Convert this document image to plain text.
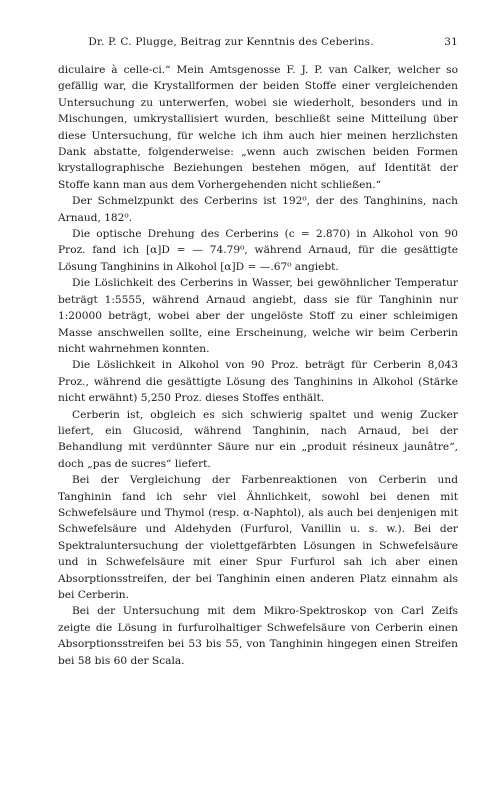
Dr. P. C. Plugge, Beitrag zur Kenntnis des Ceberins.	31

diculaire à celle-ci.“ Mein Amtsgenosse F. J. P. van Calker, welcher so gefällig war, die Krystallformen der beiden Stoffe einer vergleichenden Untersuchung zu unterwerfen, wobei sie wiederholt, besonders und in Mischungen, umkrystallisiert wurden, beschließt seine Mitteilung über diese Untersuchung, für welche ich ihm auch hier meinen herzlichsten Dank abstatte, folgenderweise: „wenn auch zwischen beiden Formen krystallographische Beziehungen bestehen mögen, auf Identität der Stoffe kann man aus dem Vorhergehenden nicht schließen.“

Der Schmelzpunkt des Cerberins ist 192⁰, der des Tanghinins, nach Arnaud, 182⁰.

Die optische Drehung des Cerberins (c = 2.870) in Alkohol von 90 Proz. fand ich [α]D = — 74.79⁰, während Arnaud, für die gesättigte Lösung Tanghinins in Alkohol [α]D = —.67⁰ angiebt.

Die Löslichkeit des Cerberins in Wasser, bei gewöhnlicher Temperatur beträgt 1:5555, während Arnaud angiebt, dass sie für Tanghinin nur 1:20000 beträgt, wobei aber der ungelöste Stoff zu einer schleimigen Masse anschwellen sollte, eine Erscheinung, welche wir beim Cerberin nicht wahrnehmen konnten.

Die Löslichkeit in Alkohol von 90 Proz. beträgt für Cerberin 8,043 Proz., während die gesättigte Lösung des Tanghinins in Alkohol (Stärke nicht erwähnt) 5,250 Proz. dieses Stoffes enthält.

Cerberin ist, obgleich es sich schwierig spaltet und wenig Zucker liefert, ein Glucosid, während Tanghinin, nach Arnaud, bei der Behandlung mit verdünnter Säure nur ein „produit résineux jaunâtre“, doch „pas de sucres“ liefert.

Bei der Vergleichung der Farbenreaktionen von Cerberin und Tanghinin fand ich sehr viel Ähnlichkeit, sowohl bei denen mit Schwefelsäure und Thymol (resp. α-Naphtol), als auch bei denjenigen mit Schwefelsäure und Aldehyden (Furfurol, Vanillin u. s. w.). Bei der Spektraluntersuchung der violettgefärbten Lösungen in Schwefelsäure und in Schwefelsäure mit einer Spur Furfurol sah ich aber einen Absorptionsstreifen, der bei Tanghinin einen anderen Platz einnahm als bei Cerberin.

Bei der Untersuchung mit dem Mikro-Spektroskop von Carl Zeifs zeigte die Lösung in furfurolhaltiger Schwefelsäure von Cerberin einen Absorptionsstreifen bei 53 bis 55, von Tanghinin hingegen einen Streifen bei 58 bis 60 der Scala.
